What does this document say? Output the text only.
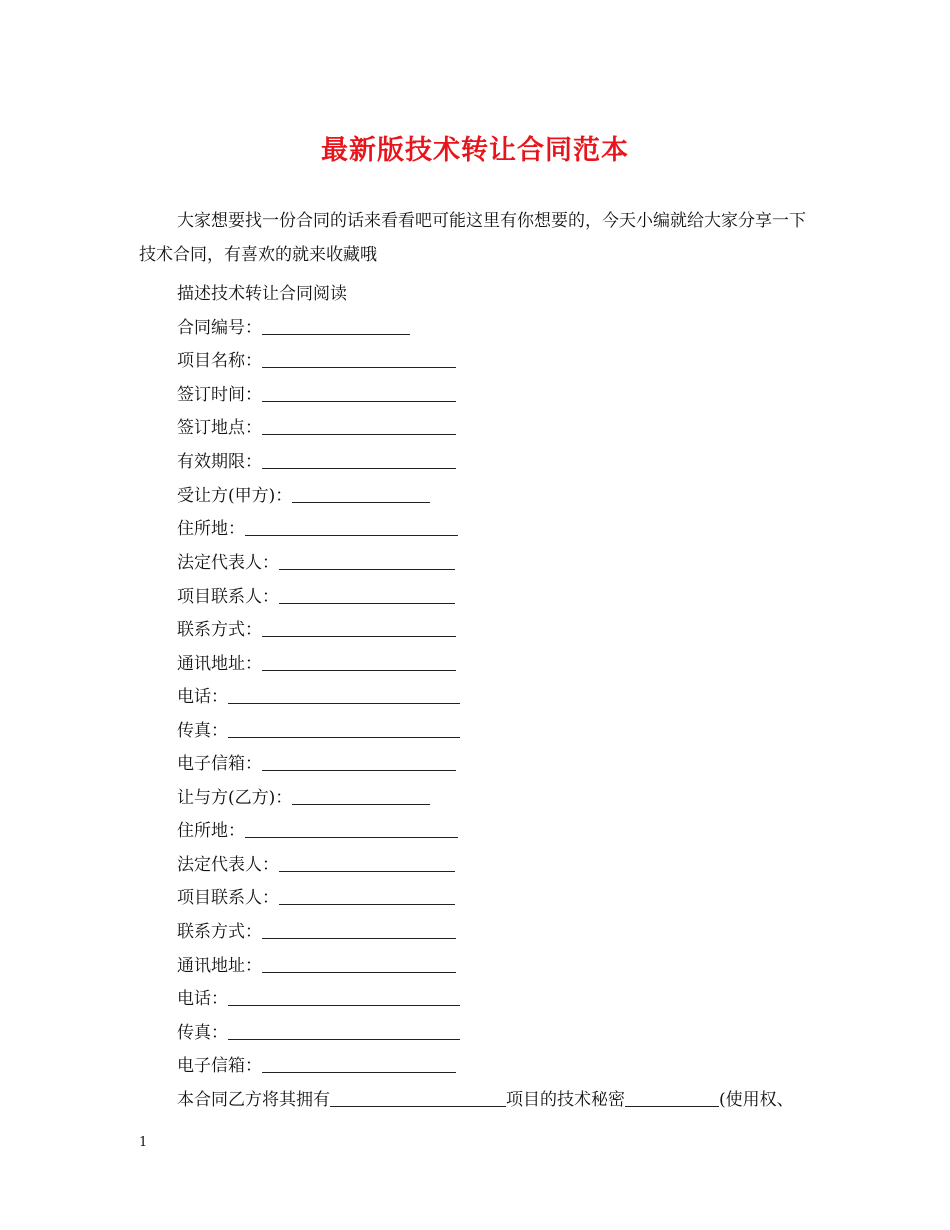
最新版技术转让合同范本
大家想要找一份合同的话来看看吧可能这里有你想要的，今天小编就给大家分享一下技术合同，有喜欢的就来收藏哦
描述技术转让合同阅读
合同编号：
项目名称：
签订时间：
签订地点：
有效期限：
受让方(甲方)：
住所地：
法定代表人：
项目联系人：
联系方式：
通讯地址：
电话：
传真：
电子信箱：
让与方(乙方)：
住所地：
法定代表人：
项目联系人：
联系方式：
通讯地址：
电话：
传真：
电子信箱：
本合同乙方将其拥有	项目的技术秘密	(使用权、
1
